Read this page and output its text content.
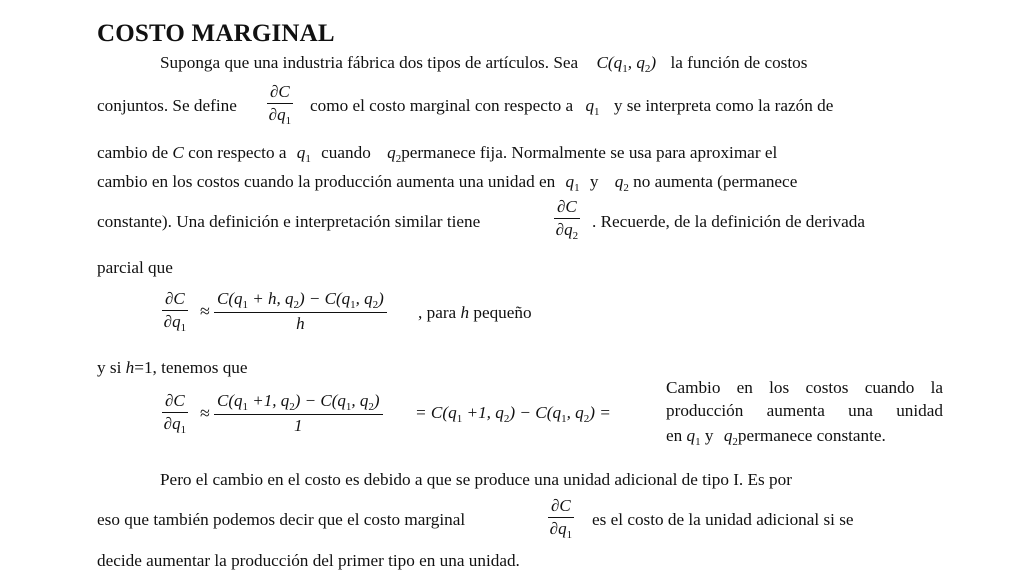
COSTO MARGINAL
Suponga que una industria fábrica dos tipos de artículos. Sea $C(q_1$, $q_2$) la función de costos
conjuntos. Se define $\frac{\partial C}{\partial q_1}$ como el costo marginal con respecto a $q_1$ y se interpreta como la razón de
cambio de C con respecto a $q_1$ cuando $q_2permanece$ fija. Normalmente se usa para aproximar el
cambio en los costos cuando la producción aumenta una unidad en $q_1$ y $q_2$ no aumenta (permanece
constante). Una definición e interpretación similar tiene	$\frac{\partial C}{\partial q_2}$ . Recuerde, de la definición de derivada
parcial que
$\frac{\partial C}{\partial q_1} \approx \frac{C(q_1 + h, q_2) - C(q_1, q_2)}{h}$ , para h pequeño
y si h=1, tenemos que
$\frac{\partial C}{\partial q_1} \approx \frac{C(q_1 +1, q_2) - C(q_1, q_2)}{1} = C(q_1 +1$, $q_2) - C(q_1$, $q_2$) =
Cambio en los costos cuando la
producción aumenta una unidad
en $q_1$ y $q_2permanece$ constante.
Pero el cambio en el costo es debido a que se produce una unidad adicional de tipo I. Es por
eso que también podemos decir que el costo marginal	$\frac{\partial C}{\partial q_1}$ es el costo de la unidad adicional si se
decide aumentar la producción del primer tipo en una unidad.
